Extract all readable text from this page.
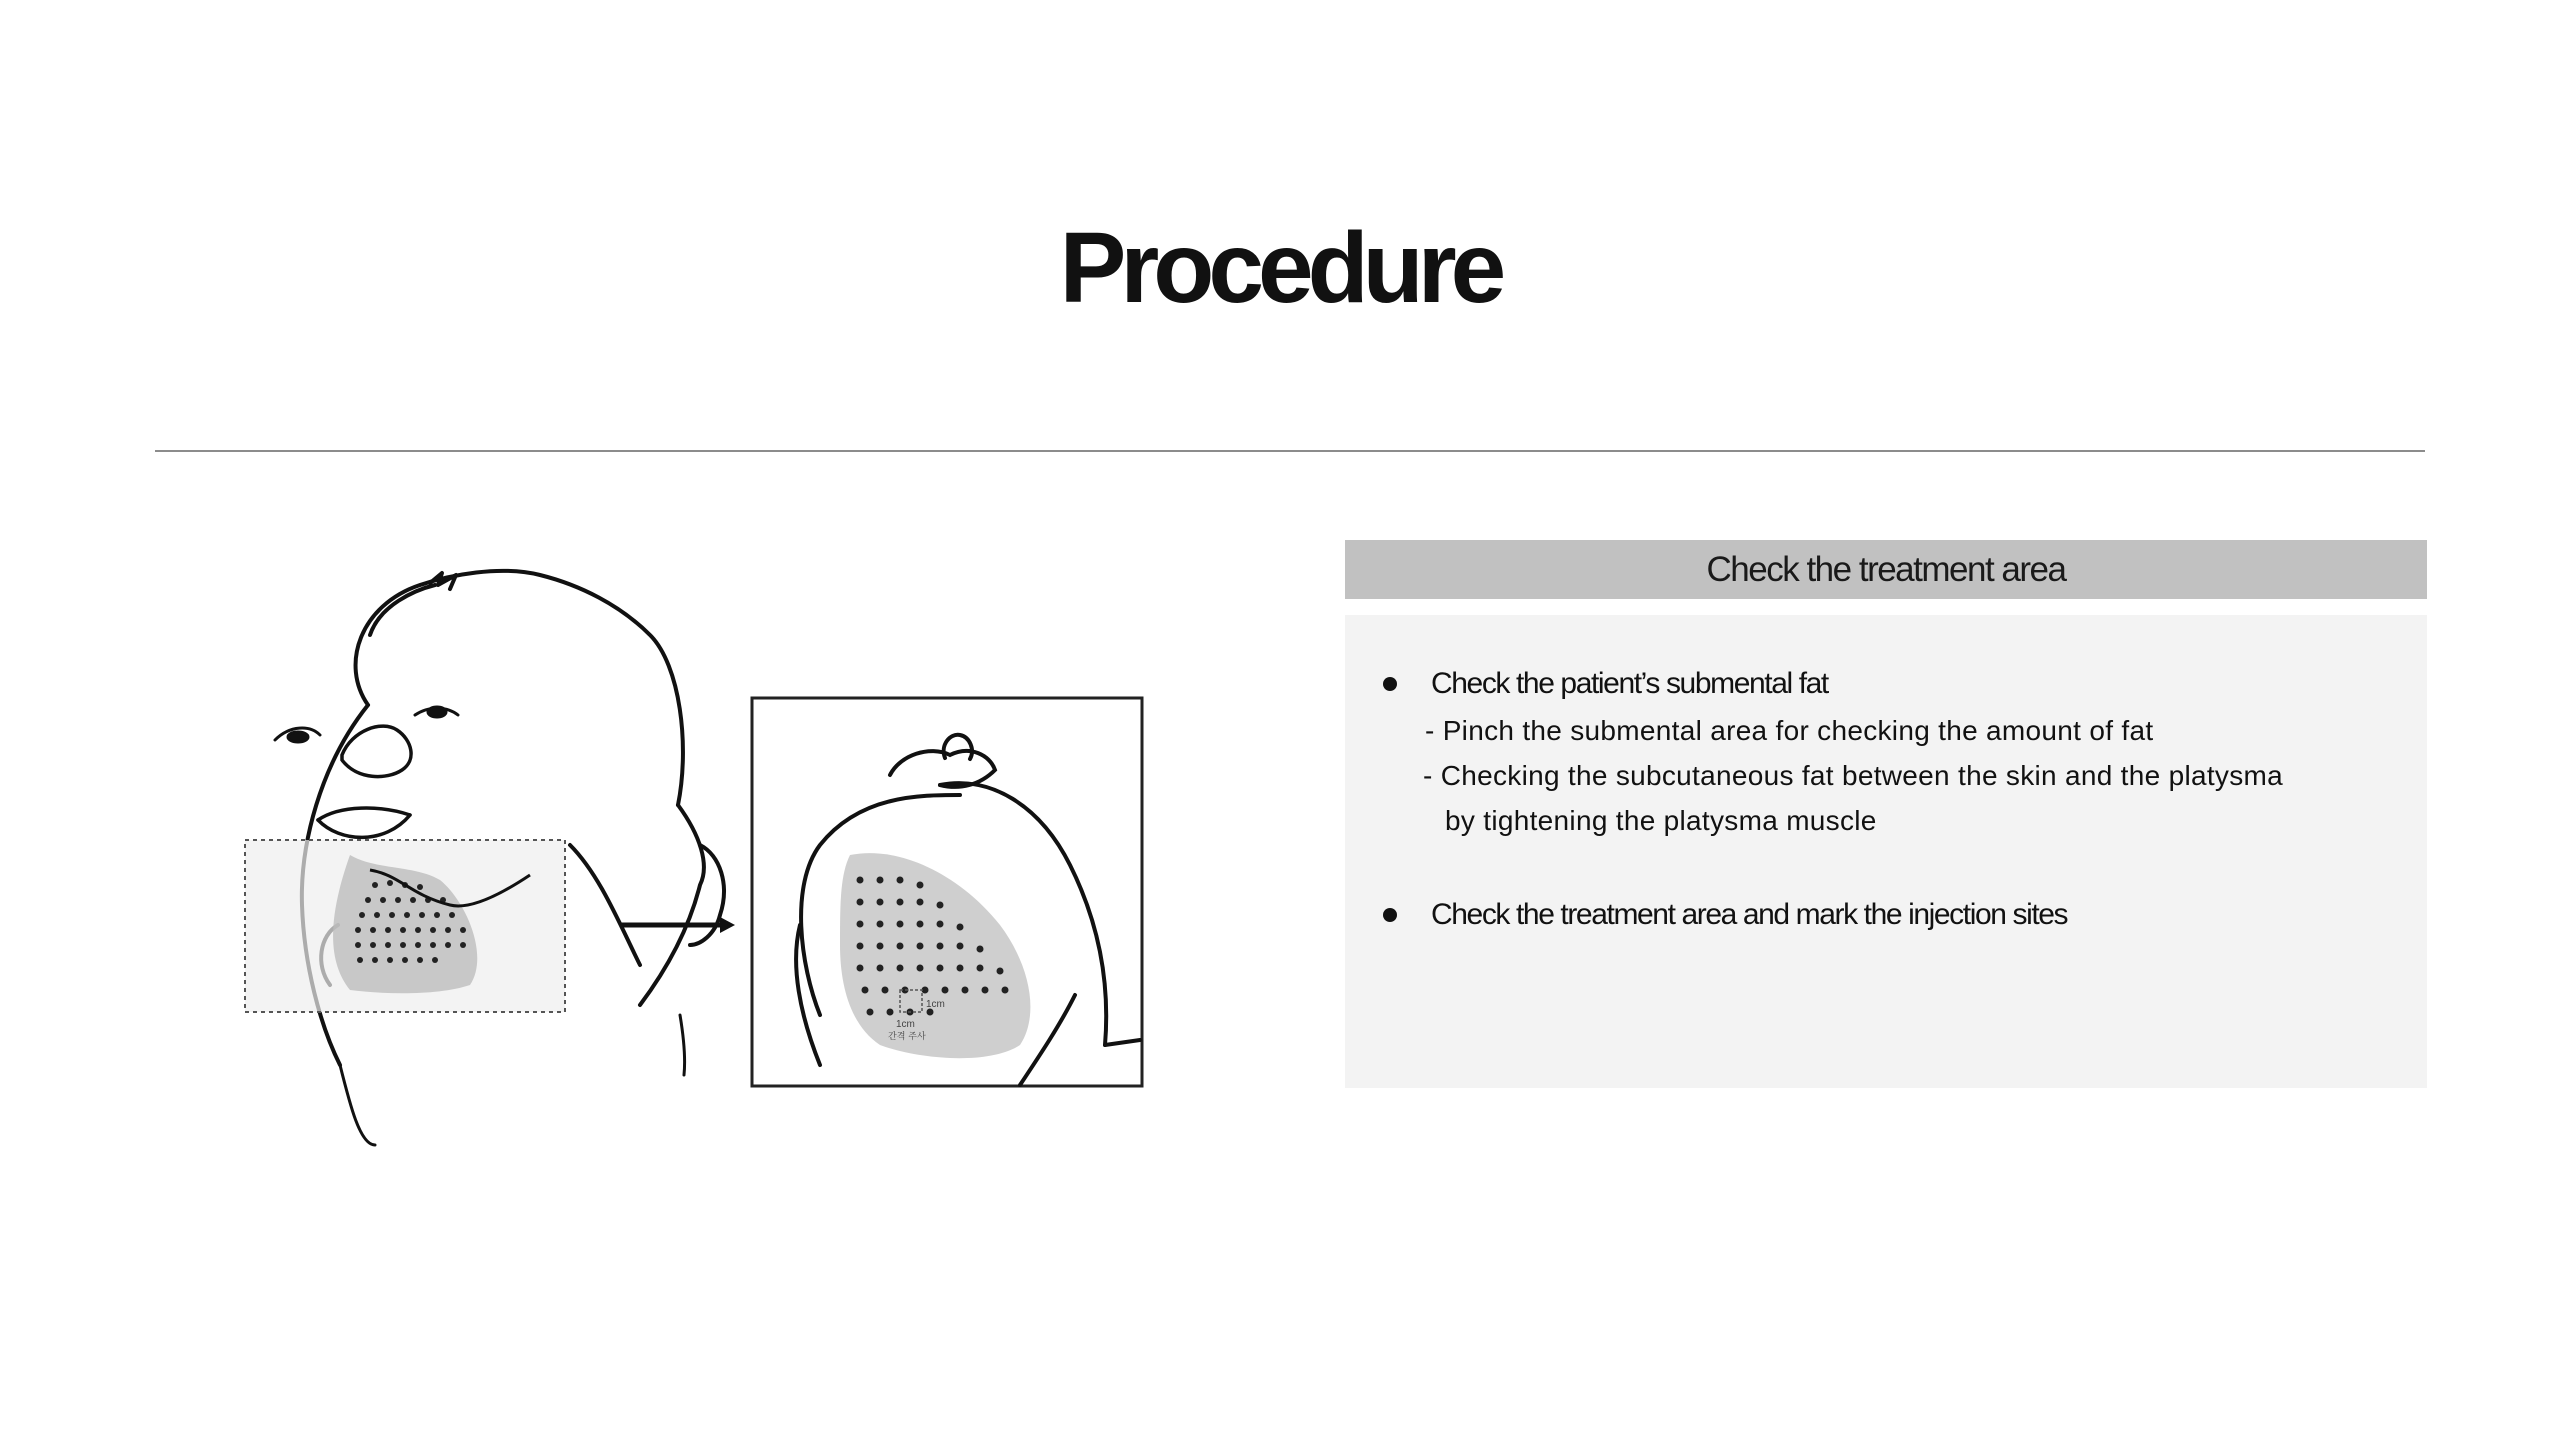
Procedure
1cm
1cm
간격 주사
Check the treatment area
Check the patient’s submental fat
- Pinch the submental area for checking the amount of fat
- Checking the subcutaneous fat between the skin and the platysma
by tightening the platysma muscle
Check the treatment area and mark the injection sites
